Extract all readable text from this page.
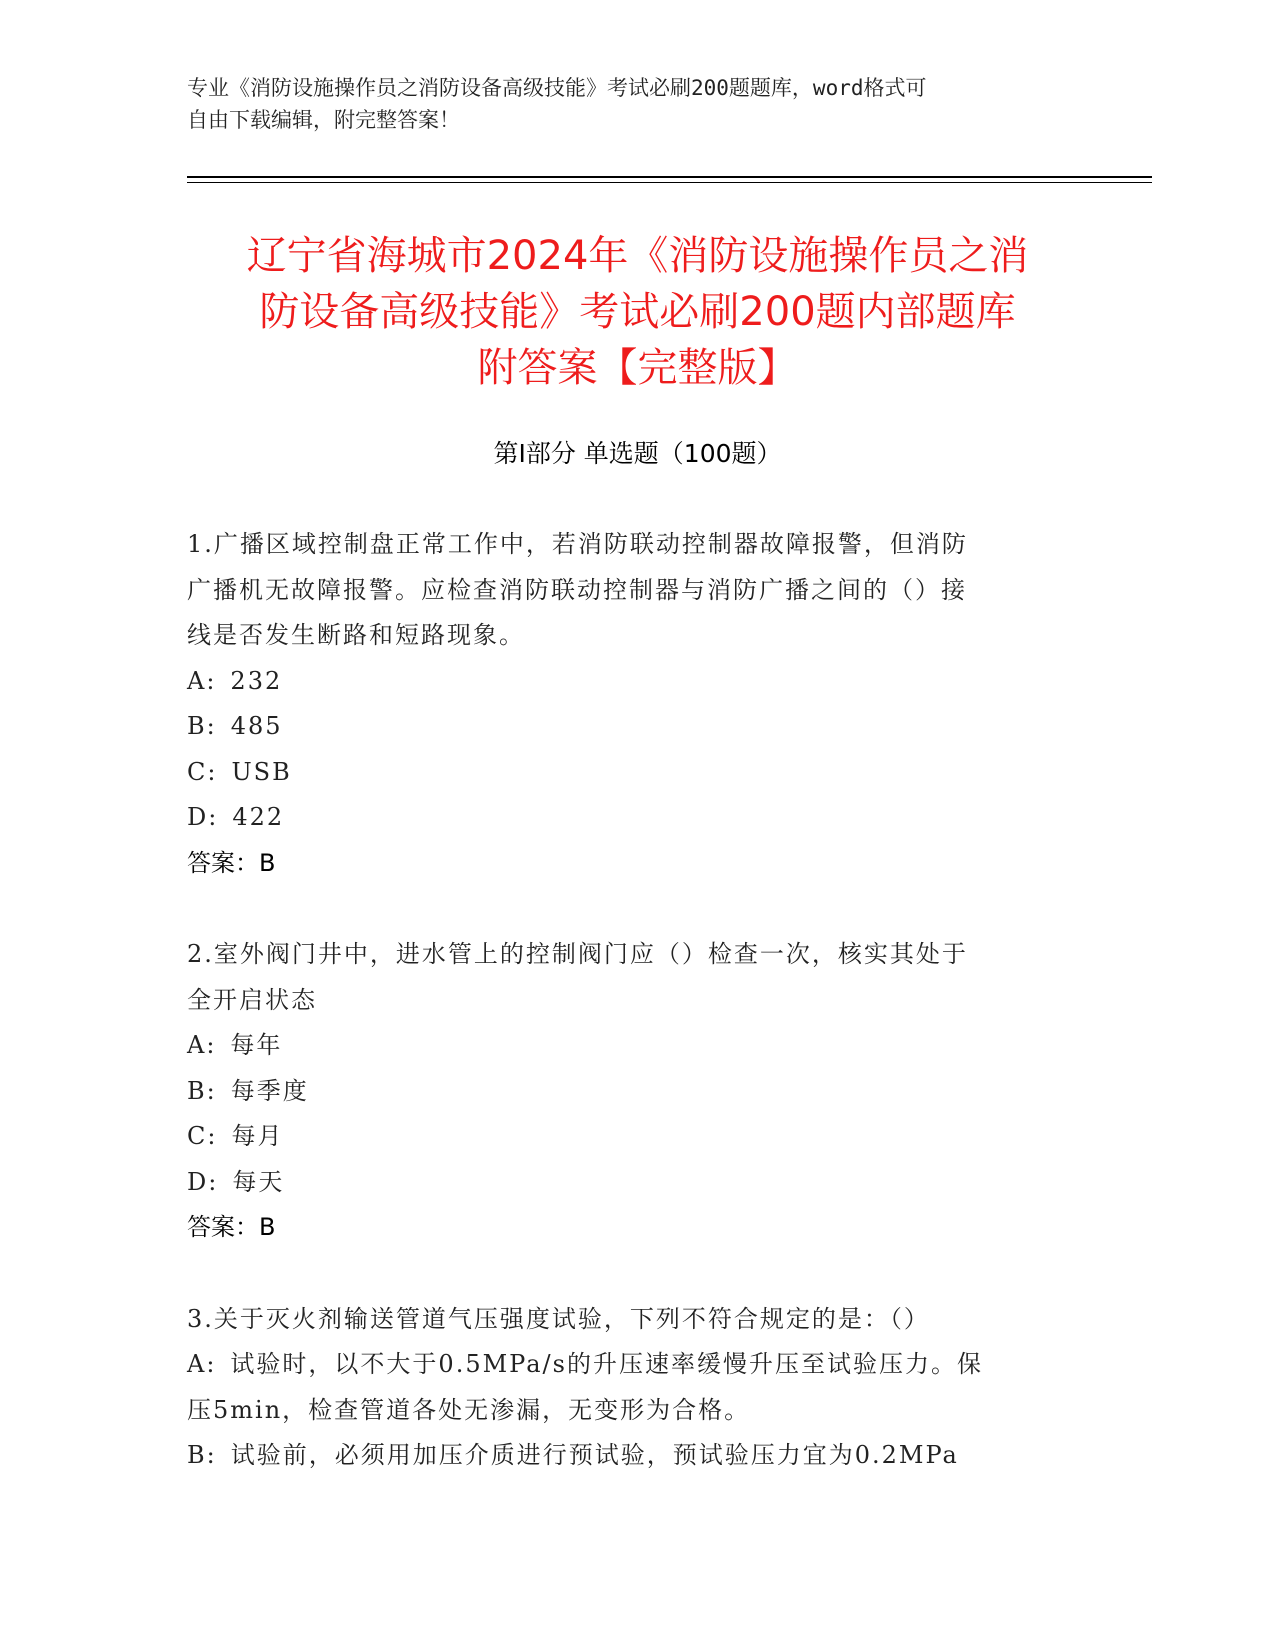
专业《消防设施操作员之消防设备高级技能》考试必刷200题题库，word格式可
自由下载编辑，附完整答案！
辽宁省海城市2024年《消防设施操作员之消
防设备高级技能》考试必刷200题内部题库
附答案【完整版】
第Ⅰ部分 单选题（100题）
1.广播区域控制盘正常工作中，若消防联动控制器故障报警，但消防
广播机无故障报警。应检查消防联动控制器与消防广播之间的（）接
线是否发生断路和短路现象。
A: 232
B: 485
C: USB
D: 422
答案：B
2.室外阀门井中，进水管上的控制阀门应（）检查一次，核实其处于
全开启状态
A: 每年
B: 每季度
C: 每月
D: 每天
答案：B
3.关于灭火剂输送管道气压强度试验，下列不符合规定的是：（）
A: 试验时，以不大于0.5MPa/s的升压速率缓慢升压至试验压力。保
压5min，检查管道各处无渗漏，无变形为合格。
B: 试验前，必须用加压介质进行预试验，预试验压力宜为0.2MPa
